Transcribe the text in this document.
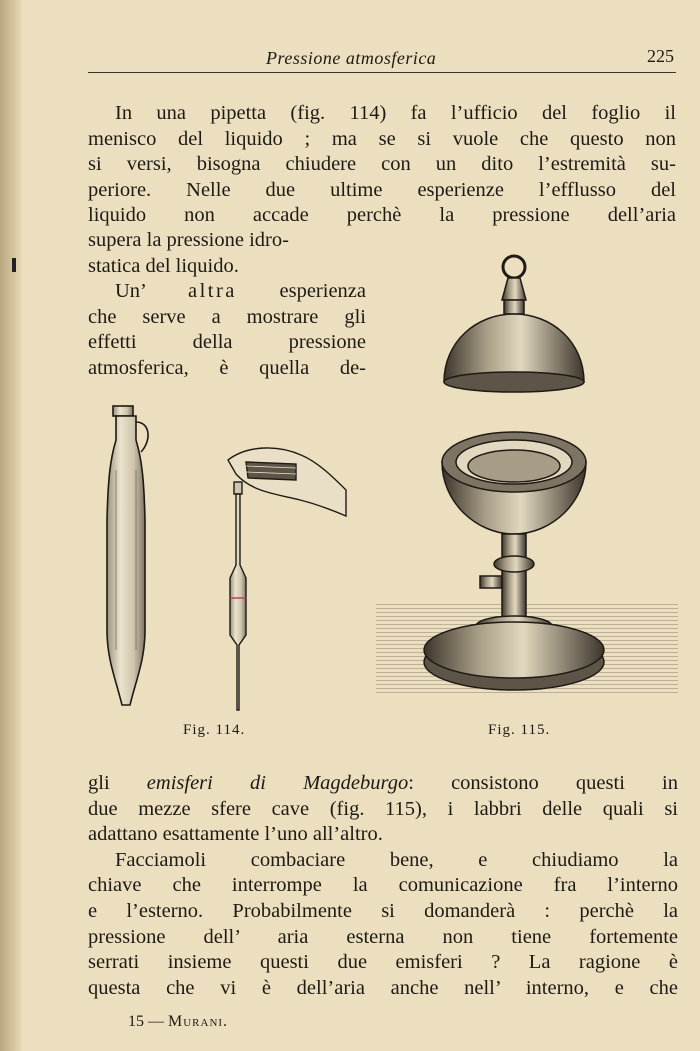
Pressione atmosferica	225
In una pipetta (fig. 114) fa l’ufficio del foglio il
menisco del liquido ; ma se si vuole che questo non
si versi, bisogna chiudere con un dito l’estremità su-
periore. Nelle due ultime esperienze l’efflusso del
liquido non accade perchè la pressione dell’aria
supera la pressione idro-
statica del liquido.
Un’ altra esperienza
che serve a mostrare gli
effetti della pressione
atmosferica, è quella de-
Fig. 114.	Fig. 115.
gli emisferi di Magdeburgo: consistono questi in
due mezze sfere cave (fig. 115), i labbri delle quali si
adattano esattamente l’uno all’altro.
Facciamoli combaciare bene, e chiudiamo la
chiave che interrompe la comunicazione fra l’interno
e l’esterno. Probabilmente si domanderà : perchè la
pressione dell’ aria esterna non tiene fortemente
serrati insieme questi due emisferi ? La ragione è
questa che vi è dell’aria anche nell’ interno, e che
15 — Murani.
